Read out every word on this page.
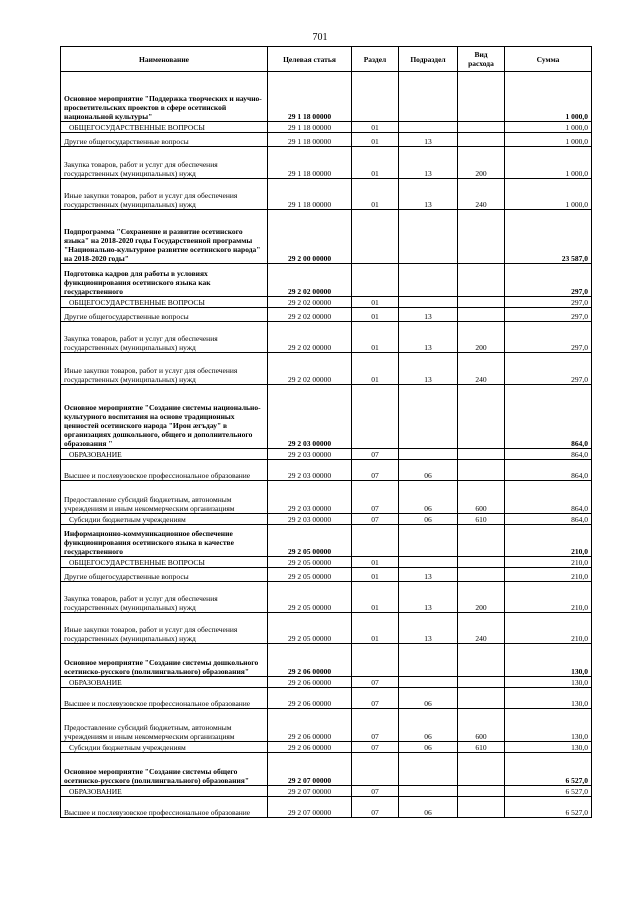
701
Наименование	Целевая статья	Раздел	Подраздел	Вид расхода	Сумма
Основное мероприятие "Поддержка творческих и научно-просветительских проектов в сфере осетинской национальной культуры"	29 1 18 00000				1 000,0
ОБЩЕГОСУДАРСТВЕННЫЕ ВОПРОСЫ	29 1 18 00000	01			1 000,0
Другие общегосударственные вопросы	29 1 18 00000	01	13		1 000,0
Закупка товаров, работ и услуг для обеспечения государственных (муниципальных) нужд	29 1 18 00000	01	13	200	1 000,0
Иные закупки товаров, работ и услуг для обеспечения государственных (муниципальных) нужд	29 1 18 00000	01	13	240	1 000,0
Подпрограмма "Сохранение и развитие осетинского языка" на 2018-2020 годы Государственной программы "Национально-культурное развитие осетинского народа" на 2018-2020 годы"	29 2 00 00000				23 587,0
Подготовка кадров для работы в условиях функционирования осетинского языка как государственного	29 2 02 00000				297,0
ОБЩЕГОСУДАРСТВЕННЫЕ ВОПРОСЫ	29 2 02 00000	01			297,0
Другие общегосударственные вопросы	29 2 02 00000	01	13		297,0
Закупка товаров, работ и услуг для обеспечения государственных (муниципальных) нужд	29 2 02 00000	01	13	200	297,0
Иные закупки товаров, работ и услуг для обеспечения государственных (муниципальных) нужд	29 2 02 00000	01	13	240	297,0
Основное мероприятие "Создание системы национально-культурного воспитания на основе традиционных ценностей осетинского народа "Ирон æгъдау" в организациях дошкольного, общего и дополнительного образования "	29 2 03 00000				864,0
ОБРАЗОВАНИЕ	29 2 03 00000	07			864,0
Высшее и послевузовское профессиональное образование	29 2 03 00000	07	06		864,0
Предоставление субсидий бюджетным, автономным учреждениям и иным некоммерческим организациям	29 2 03 00000	07	06	600	864,0
Субсидии бюджетным учреждениям	29 2 03 00000	07	06	610	864,0
Информационно-коммуникационное обеспечение функционирования осетинского языка в качестве государственного	29 2 05 00000				210,0
ОБЩЕГОСУДАРСТВЕННЫЕ ВОПРОСЫ	29 2 05 00000	01			210,0
Другие общегосударственные вопросы	29 2 05 00000	01	13		210,0
Закупка товаров, работ и услуг для обеспечения государственных (муниципальных) нужд	29 2 05 00000	01	13	200	210,0
Иные закупки товаров, работ и услуг для обеспечения государственных (муниципальных) нужд	29 2 05 00000	01	13	240	210,0
Основное мероприятие "Создание системы дошкольного осетинско-русского (полилингвального) образования"	29 2 06 00000				130,0
ОБРАЗОВАНИЕ	29 2 06 00000	07			130,0
Высшее и послевузовское профессиональное образование	29 2 06 00000	07	06		130,0
Предоставление субсидий бюджетным, автономным учреждениям и иным некоммерческим организациям	29 2 06 00000	07	06	600	130,0
Субсидии бюджетным учреждениям	29 2 06 00000	07	06	610	130,0
Основное мероприятие "Создание системы общего осетинско-русского (полилингвального) образования"	29 2 07 00000				6 527,0
ОБРАЗОВАНИЕ	29 2 07 00000	07			6 527,0
Высшее и послевузовское профессиональное образование	29 2 07 00000	07	06		6 527,0
